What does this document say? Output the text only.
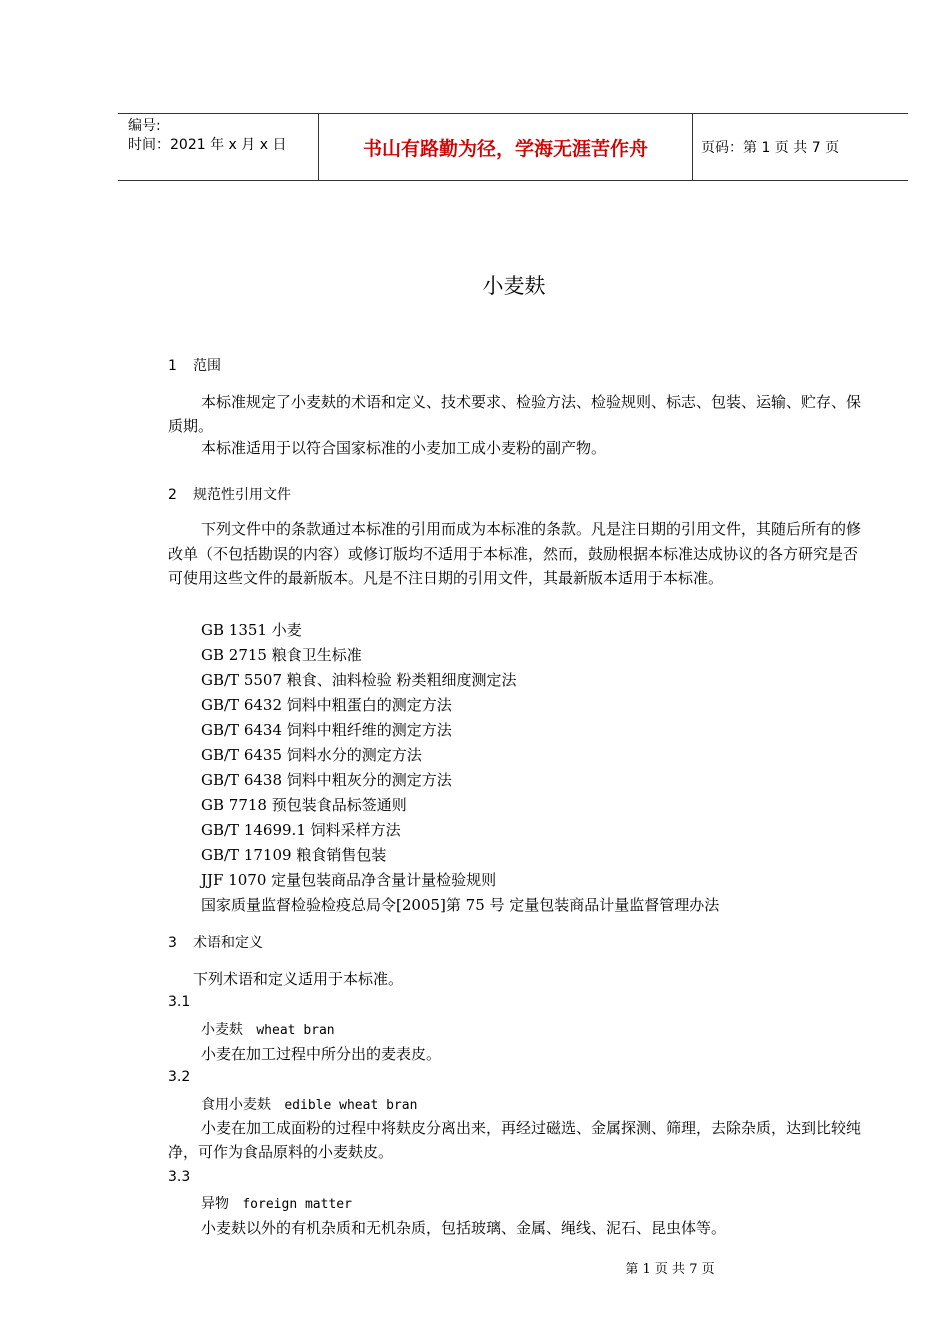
编号:
时间：2021 年 x 月 x 日	书山有路勤为径，学海无涯苦作舟	页码：第 1 页 共 7 页
小麦麸
1 范围

本标准规定了小麦麸的术语和定义、技术要求、检验方法、检验规则、标志、包装、运输、贮存、保质期。

本标准适用于以符合国家标准的小麦加工成小麦粉的副产物。

2 规范性引用文件

下列文件中的条款通过本标准的引用而成为本标准的条款。凡是注日期的引用文件，其随后所有的修改单（不包括勘误的内容）或修订版均不适用于本标准，然而，鼓励根据本标准达成协议的各方研究是否可使用这些文件的最新版本。凡是不注日期的引用文件，其最新版本适用于本标准。

GB 1351 小麦
GB 2715 粮食卫生标准
GB/T 5507 粮食、油料检验 粉类粗细度测定法
GB/T 6432 饲料中粗蛋白的测定方法
GB/T 6434 饲料中粗纤维的测定方法
GB/T 6435 饲料水分的测定方法
GB/T 6438 饲料中粗灰分的测定方法
GB 7718 预包装食品标签通则
GB/T 14699.1 饲料采样方法
GB/T 17109 粮食销售包装
JJF 1070 定量包装商品净含量计量检验规则
国家质量监督检验检疫总局令[2005]第 75 号 定量包装商品计量监督管理办法
3 术语和定义
下列术语和定义适用于本标准。
3.1
小麦麸 wheat bran
小麦在加工过程中所分出的麦表皮。
3.2
食用小麦麸 edible wheat bran

小麦在加工成面粉的过程中将麸皮分离出来，再经过磁选、金属探测、筛理，去除杂质，达到比较纯净，可作为食品原料的小麦麸皮。

3.3
异物 foreign matter
小麦麸以外的有机杂质和无机杂质，包括玻璃、金属、绳线、泥石、昆虫体等。
第 1 页 共 7 页
